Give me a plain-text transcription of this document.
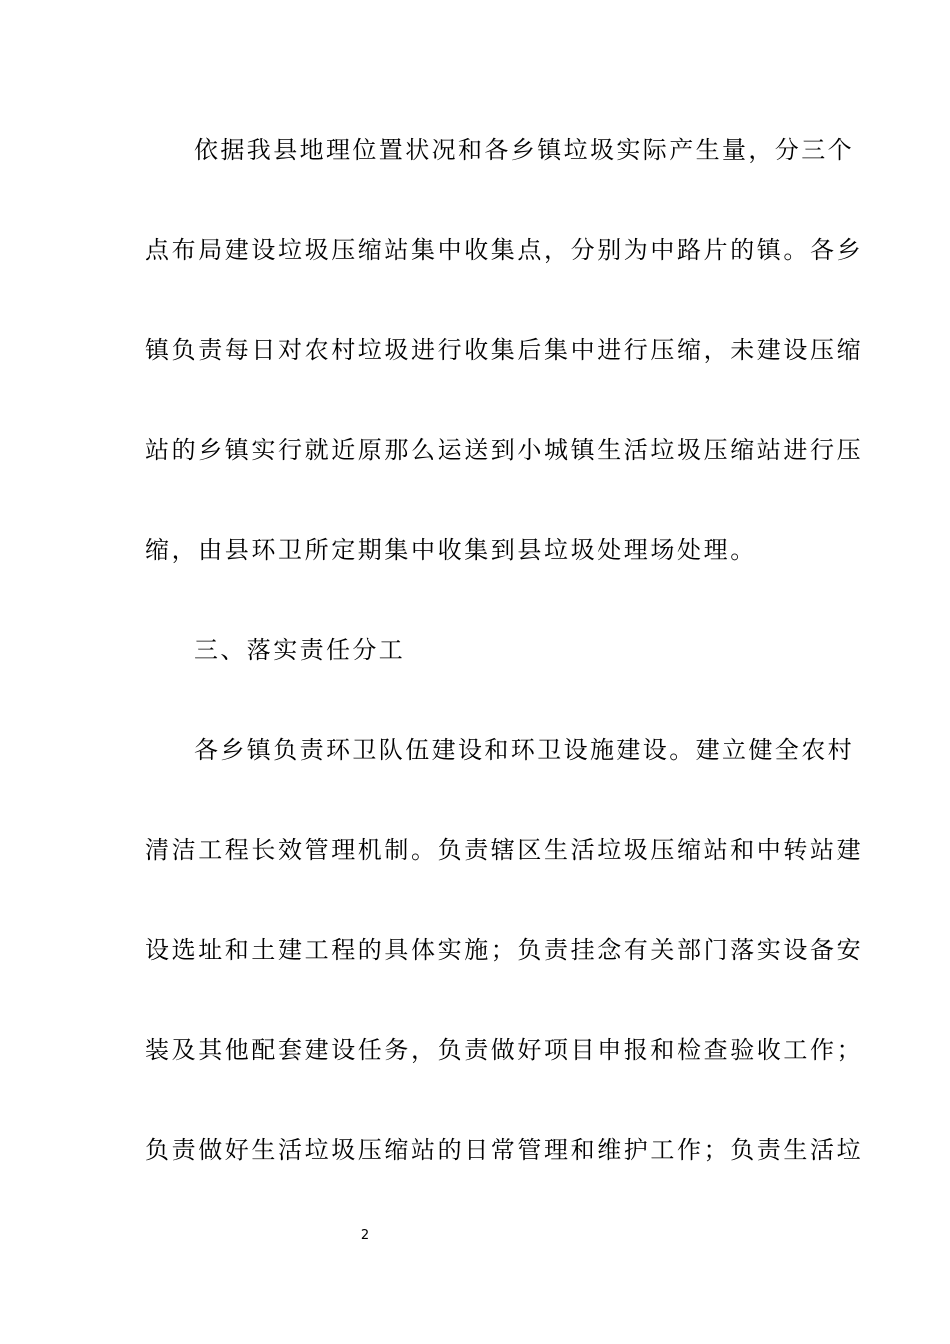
依据我县地理位置状况和各乡镇垃圾实际产生量，分三个
点布局建设垃圾压缩站集中收集点，分别为中路片的镇。各乡
镇负责每日对农村垃圾进行收集后集中进行压缩，未建设压缩
站的乡镇实行就近原那么运送到小城镇生活垃圾压缩站进行压
缩，由县环卫所定期集中收集到县垃圾处理场处理。
三、落实责任分工
各乡镇负责环卫队伍建设和环卫设施建设。建立健全农村
清洁工程长效管理机制。负责辖区生活垃圾压缩站和中转站建
设选址和土建工程的具体实施；负责挂念有关部门落实设备安
装及其他配套建设任务，负责做好项目申报和检查验收工作；
负责做好生活垃圾压缩站的日常管理和维护工作；负责生活垃
2
